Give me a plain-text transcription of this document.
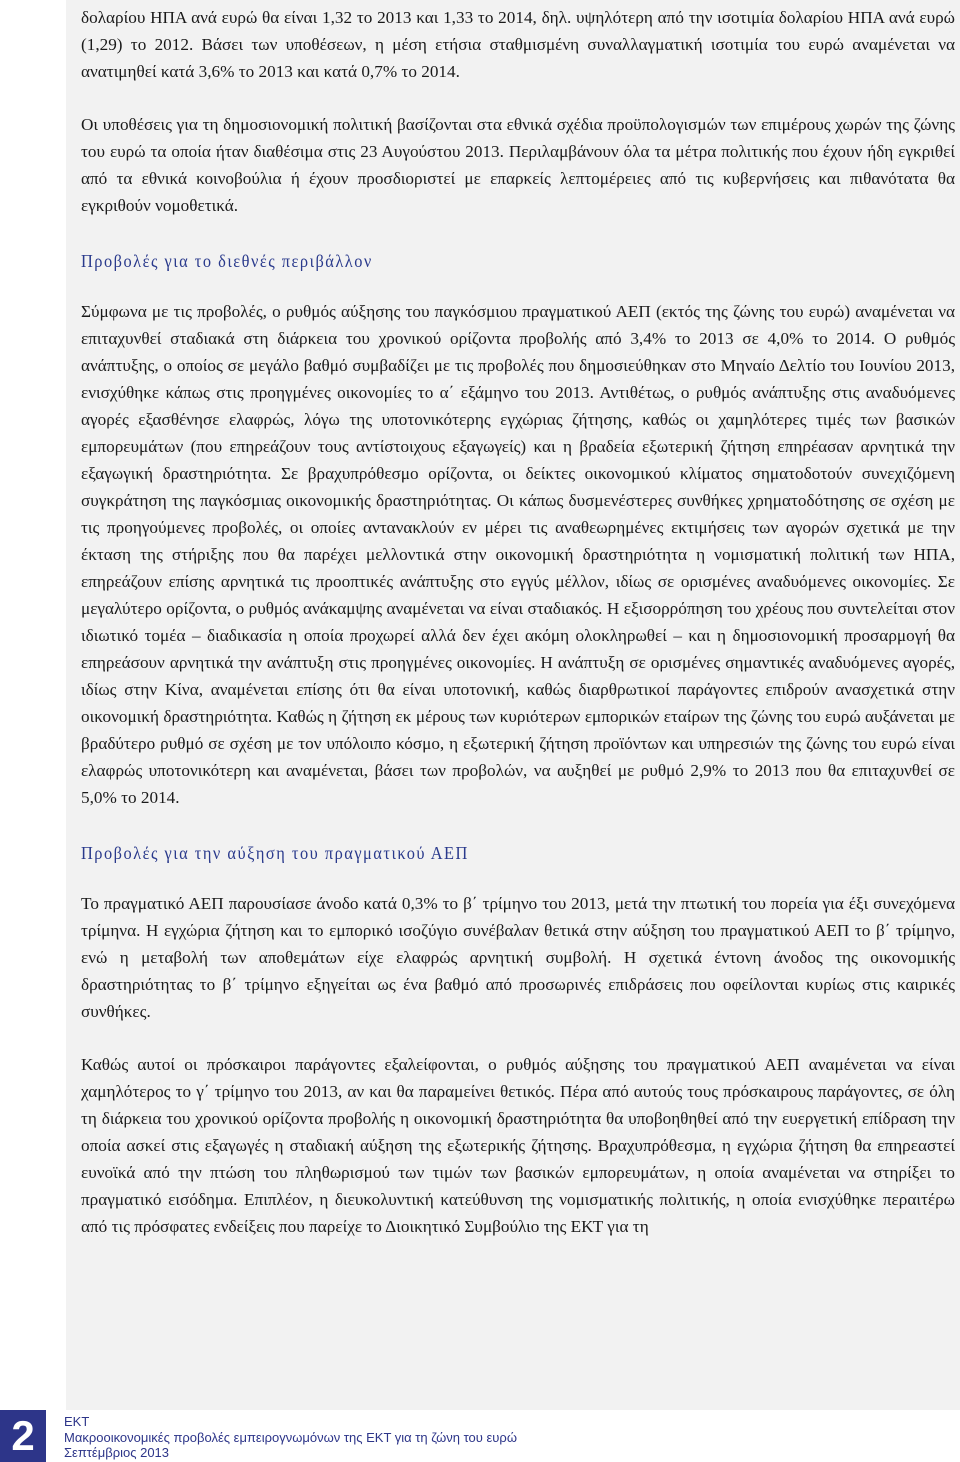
δολαρίου ΗΠΑ ανά ευρώ θα είναι 1,32 το 2013 και 1,33 το 2014, δηλ. υψηλότερη από την ισοτιμία δολαρίου ΗΠΑ ανά ευρώ (1,29) το 2012. Βάσει των υποθέσεων, η μέση ετήσια σταθμισμένη συναλλαγματική ισοτιμία του ευρώ αναμένεται να ανατιμηθεί κατά 3,6% το 2013 και κατά 0,7% το 2014.

Οι υποθέσεις για τη δημοσιονομική πολιτική βασίζονται στα εθνικά σχέδια προϋπολογισμών των επιμέρους χωρών της ζώνης του ευρώ τα οποία ήταν διαθέσιμα στις 23 Αυγούστου 2013. Περιλαμβάνουν όλα τα μέτρα πολιτικής που έχουν ήδη εγκριθεί από τα εθνικά κοινοβούλια ή έχουν προσδιοριστεί με επαρκείς λεπτομέρειες από τις κυβερνήσεις και πιθανότατα θα εγκριθούν νομοθετικά.

Προβολές για το διεθνές περιβάλλον

Σύμφωνα με τις προβολές, ο ρυθμός αύξησης του παγκόσμιου πραγματικού ΑΕΠ (εκτός της ζώνης του ευρώ) αναμένεται να επιταχυνθεί σταδιακά στη διάρκεια του χρονικού ορίζοντα προβολής από 3,4% το 2013 σε 4,0% το 2014. Ο ρυθμός ανάπτυξης, ο οποίος σε μεγάλο βαθμό συμβαδίζει με τις προβολές που δημοσιεύθηκαν στο Μηναίο Δελτίο του Ιουνίου 2013, ενισχύθηκε κάπως στις προηγμένες οικονομίες το α΄ εξάμηνο του 2013. Αντιθέτως, ο ρυθμός ανάπτυξης στις αναδυόμενες αγορές εξασθένησε ελαφρώς, λόγω της υποτονικότερης εγχώριας ζήτησης, καθώς οι χαμηλότερες τιμές των βασικών εμπορευμάτων (που επηρεάζουν τους αντίστοιχους εξαγωγείς) και η βραδεία εξωτερική ζήτηση επηρέασαν αρνητικά την εξαγωγική δραστηριότητα. Σε βραχυπρόθεσμο ορίζοντα, οι δείκτες οικονομικού κλίματος σηματοδοτούν συνεχιζόμενη συγκράτηση της παγκόσμιας οικονομικής δραστηριότητας. Οι κάπως δυσμενέστερες συνθήκες χρηματοδότησης σε σχέση με τις προηγούμενες προβολές, οι οποίες αντανακλούν εν μέρει τις αναθεωρημένες εκτιμήσεις των αγορών σχετικά με την έκταση της στήριξης που θα παρέχει μελλοντικά στην οικονομική δραστηριότητα η νομισματική πολιτική των ΗΠΑ, επηρεάζουν επίσης αρνητικά τις προοπτικές ανάπτυξης στο εγγύς μέλλον, ιδίως σε ορισμένες αναδυόμενες οικονομίες. Σε μεγαλύτερο ορίζοντα, ο ρυθμός ανάκαμψης αναμένεται να είναι σταδιακός. Η εξισορρόπηση του χρέους που συντελείται στον ιδιωτικό τομέα – διαδικασία η οποία προχωρεί αλλά δεν έχει ακόμη ολοκληρωθεί – και η δημοσιονομική προσαρμογή θα επηρεάσουν αρνητικά την ανάπτυξη στις προηγμένες οικονομίες. Η ανάπτυξη σε ορισμένες σημαντικές αναδυόμενες αγορές, ιδίως στην Κίνα, αναμένεται επίσης ότι θα είναι υποτονική, καθώς διαρθρωτικοί παράγοντες επιδρούν ανασχετικά στην οικονομική δραστηριότητα. Καθώς η ζήτηση εκ μέρους των κυριότερων εμπορικών εταίρων της ζώνης του ευρώ αυξάνεται με βραδύτερο ρυθμό σε σχέση με τον υπόλοιπο κόσμο, η εξωτερική ζήτηση προϊόντων και υπηρεσιών της ζώνης του ευρώ είναι ελαφρώς υποτονικότερη και αναμένεται, βάσει των προβολών, να αυξηθεί με ρυθμό 2,9% το 2013 που θα επιταχυνθεί σε 5,0% το 2014.

Προβολές για την αύξηση του πραγματικού ΑΕΠ

Το πραγματικό ΑΕΠ παρουσίασε άνοδο κατά 0,3% το β΄ τρίμηνο του 2013, μετά την πτωτική του πορεία για έξι συνεχόμενα τρίμηνα. Η εγχώρια ζήτηση και το εμπορικό ισοζύγιο συνέβαλαν θετικά στην αύξηση του πραγματικού ΑΕΠ το β΄ τρίμηνο, ενώ η μεταβολή των αποθεμάτων είχε ελαφρώς αρνητική συμβολή. Η σχετικά έντονη άνοδος της οικονομικής δραστηριότητας το β΄ τρίμηνο εξηγείται ως ένα βαθμό από προσωρινές επιδράσεις που οφείλονται κυρίως στις καιρικές συνθήκες.

Καθώς αυτοί οι πρόσκαιροι παράγοντες εξαλείφονται, ο ρυθμός αύξησης του πραγματικού ΑΕΠ αναμένεται να είναι χαμηλότερος το γ΄ τρίμηνο του 2013, αν και θα παραμείνει θετικός. Πέρα από αυτούς τους πρόσκαιρους παράγοντες, σε όλη τη διάρκεια του χρονικού ορίζοντα προβολής η οικονομική δραστηριότητα θα υποβοηθηθεί από την ευεργετική επίδραση την οποία ασκεί στις εξαγωγές η σταδιακή αύξηση της εξωτερικής ζήτησης. Βραχυπρόθεσμα, η εγχώρια ζήτηση θα επηρεαστεί ευνοϊκά από την πτώση του πληθωρισμού των τιμών των βασικών εμπορευμάτων, η οποία αναμένεται να στηρίξει το πραγματικό εισόδημα. Επιπλέον, η διευκολυντική κατεύθυνση της νομισματικής πολιτικής, η οποία ενισχύθηκε περαιτέρω από τις πρόσφατες ενδείξεις που παρείχε το Διοικητικό Συμβούλιο της ΕΚΤ για τη

2	ΕΚΤ
Μακροοικονομικές προβολές εμπειρογνωμόνων της ΕΚΤ για τη ζώνη του ευρώ
Σεπτέμβριος 2013
